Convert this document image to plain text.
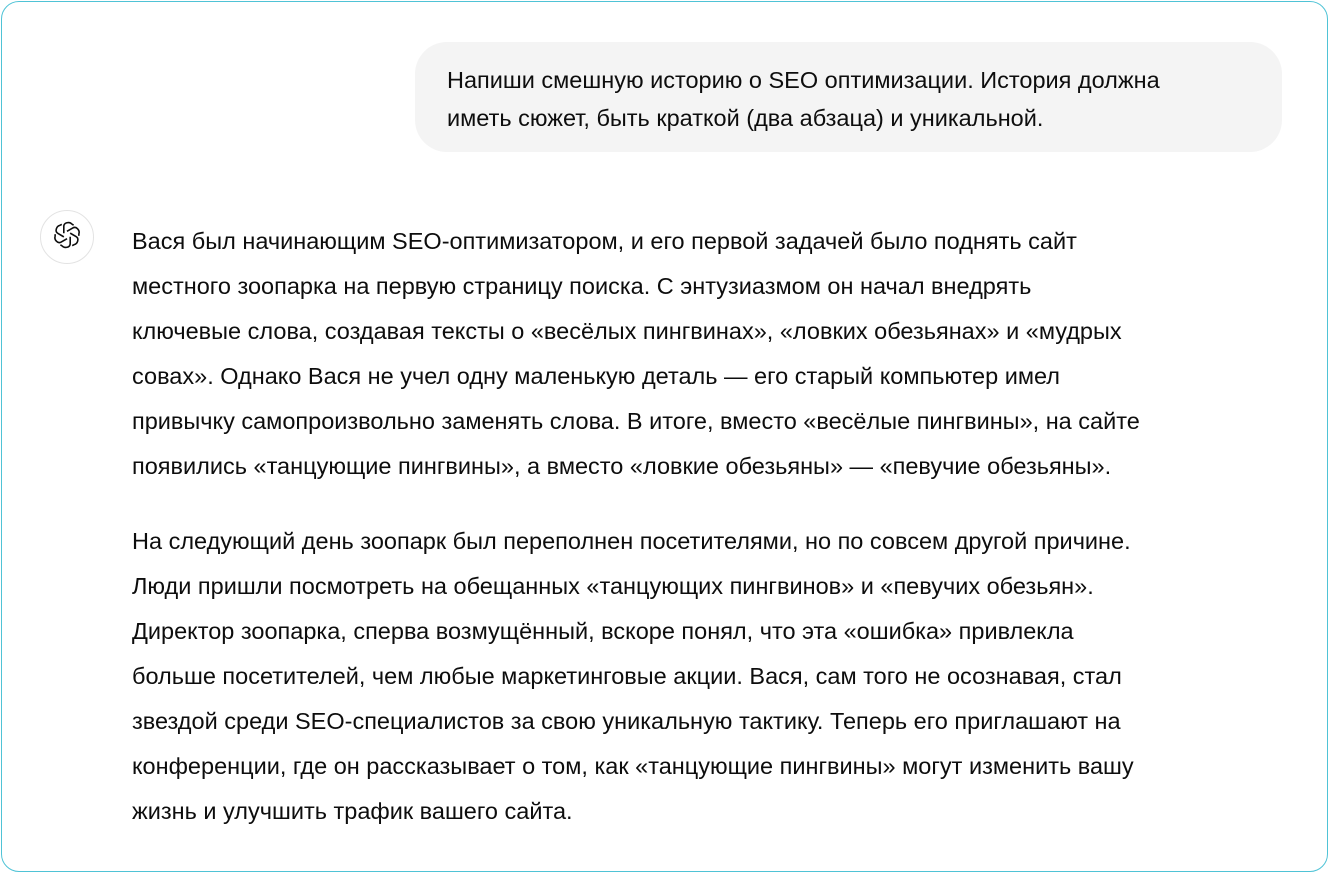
Напиши смешную историю о SEO оптимизации. История должна
иметь сюжет, быть краткой (два абзаца) и уникальной.

Вася был начинающим SEO-оптимизатором, и его первой задачей было поднять сайт
местного зоопарка на первую страницу поиска. С энтузиазмом он начал внедрять
ключевые слова, создавая тексты о «весёлых пингвинах», «ловких обезьянах» и «мудрых
совах». Однако Вася не учел одну маленькую деталь — его старый компьютер имел
привычку самопроизвольно заменять слова. В итоге, вместо «весёлые пингвины», на сайте
появились «танцующие пингвины», а вместо «ловкие обезьяны» — «певучие обезьяны».

На следующий день зоопарк был переполнен посетителями, но по совсем другой причине.
Люди пришли посмотреть на обещанных «танцующих пингвинов» и «певучих обезьян».
Директор зоопарка, сперва возмущённый, вскоре понял, что эта «ошибка» привлекла
больше посетителей, чем любые маркетинговые акции. Вася, сам того не осознавая, стал
звездой среди SEO-специалистов за свою уникальную тактику. Теперь его приглашают на
конференции, где он рассказывает о том, как «танцующие пингвины» могут изменить вашу
жизнь и улучшить трафик вашего сайта.
